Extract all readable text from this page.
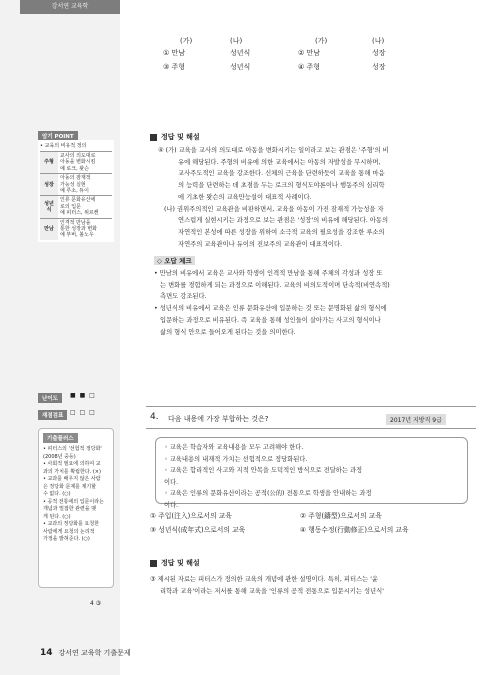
강서연 교육학
암기 POINT
• 교육의 비유적 정의
주형	교사의 의도대로
아동을 변화시킴
예 로크, 왓슨

성장	아동의 잠재적
가능성 실현
예 루소, 듀이

성년식	인류 문화유산에
로의 입문
예 피터스, 위르켄

만남	인격적 만남을
통한 성장과 변화
예 부버, 볼노우
난이도	■ ■ □
재점검표	□ □ □
기출플러스
• 피터스의 '선험적 정당화'
(2008년 중등)
• 사회적 필요에 의하여 교
과의 가치를 확립한다. (×)
• 교과를 배우지 않은 사람
은 정당화 문제를 제기할
수 없다. (○)
• 공적 전통에의 입문이라는
개념과 밀접한 관련을 맺
게 된다. (○)
• 교과의 정당화를 요청한
사람에게 요청의 논리적
가정을 밝혀준다. (○)
4 ③
14 강서연 교육학 기출문제
(가)	(나)	(가)	(나)
① 만남	성년식	② 만남	성장
③ 주형	성년식	④ 주형	성장
정답 및 해설
④ (가) 교육을 교사의 의도대로 아동을 변화시키는 일이라고 보는 관점은 '주형'의 비
유에 해당된다. 주형의 비유에 의한 교육에서는 아동의 자발성을 무시하며,
교사주도적인 교육을 강조한다. 신체의 근육을 단련하듯이 교육을 통해 마음
의 능력을 단련하는 데 초점을 두는 로크의 형식도야론이나 행동주의 심리학
에 기초한 왓슨의 교육만능설이 대표적 사례이다.
(나) 권위주의적인 교육관을 비판하면서, 교육을 아동이 가진 잠재적 가능성을 자
연스럽게 실현시키는 과정으로 보는 관점은 '성장'의 비유에 해당된다. 아동의
자연적인 본성에 따른 성장을 위하여 소극적 교육의 필요성을 강조한 루소의
자연주의 교육관이나 듀이의 진보주의 교육관이 대표적이다.
◇ 오답 체크
• 만남의 비유에서 교육은 교사와 학생이 인격적 만남을 통해 주체의 각성과 성장 또
는 변화를 경험하게 되는 과정으로 이해된다. 교육의 비의도적이며 단속적(비연속적)
측면도 강조된다.
• 성년식의 비유에서 교육은 인류 문화유산에 입문하는 것 또는 문명화된 삶의 형식에
입문하는 과정으로 비유된다. 즉 교육을 통해 성인들이 살아가는 사고의 형식이나
삶의 형식 안으로 들어오게 된다는 것을 의미한다.
4. 다음 내용에 가장 부합하는 것은?	2017년 지방직 9급
◦ 교육은 학습자와 교육내용을 모두 고려해야 한다.
◦ 교육내용의 내재적 가치는 선험적으로 정당화된다.
◦ 교육은 합리적인 사고와 지적 안목을 도덕적인 방식으로 전달하는 과정
이다.
◦ 교육은 인류의 문화유산이라는 공적(公的) 전통으로 학생을 안내하는 과정
이다.
① 주입(注入)으로서의 교육	② 주형(鑄型)으로서의 교육
③ 성년식(成年式)으로서의 교육	④ 행동수정(行動修正)으로서의 교육
정답 및 해설
③ 제시된 자료는 피터스가 정의한 교육의 개념에 관한 설명이다. 특히, 피터스는 '윤
리학과 교육'이라는 저서를 통해 교육을 '인류의 공적 전통으로 입문시키는 성년식'
